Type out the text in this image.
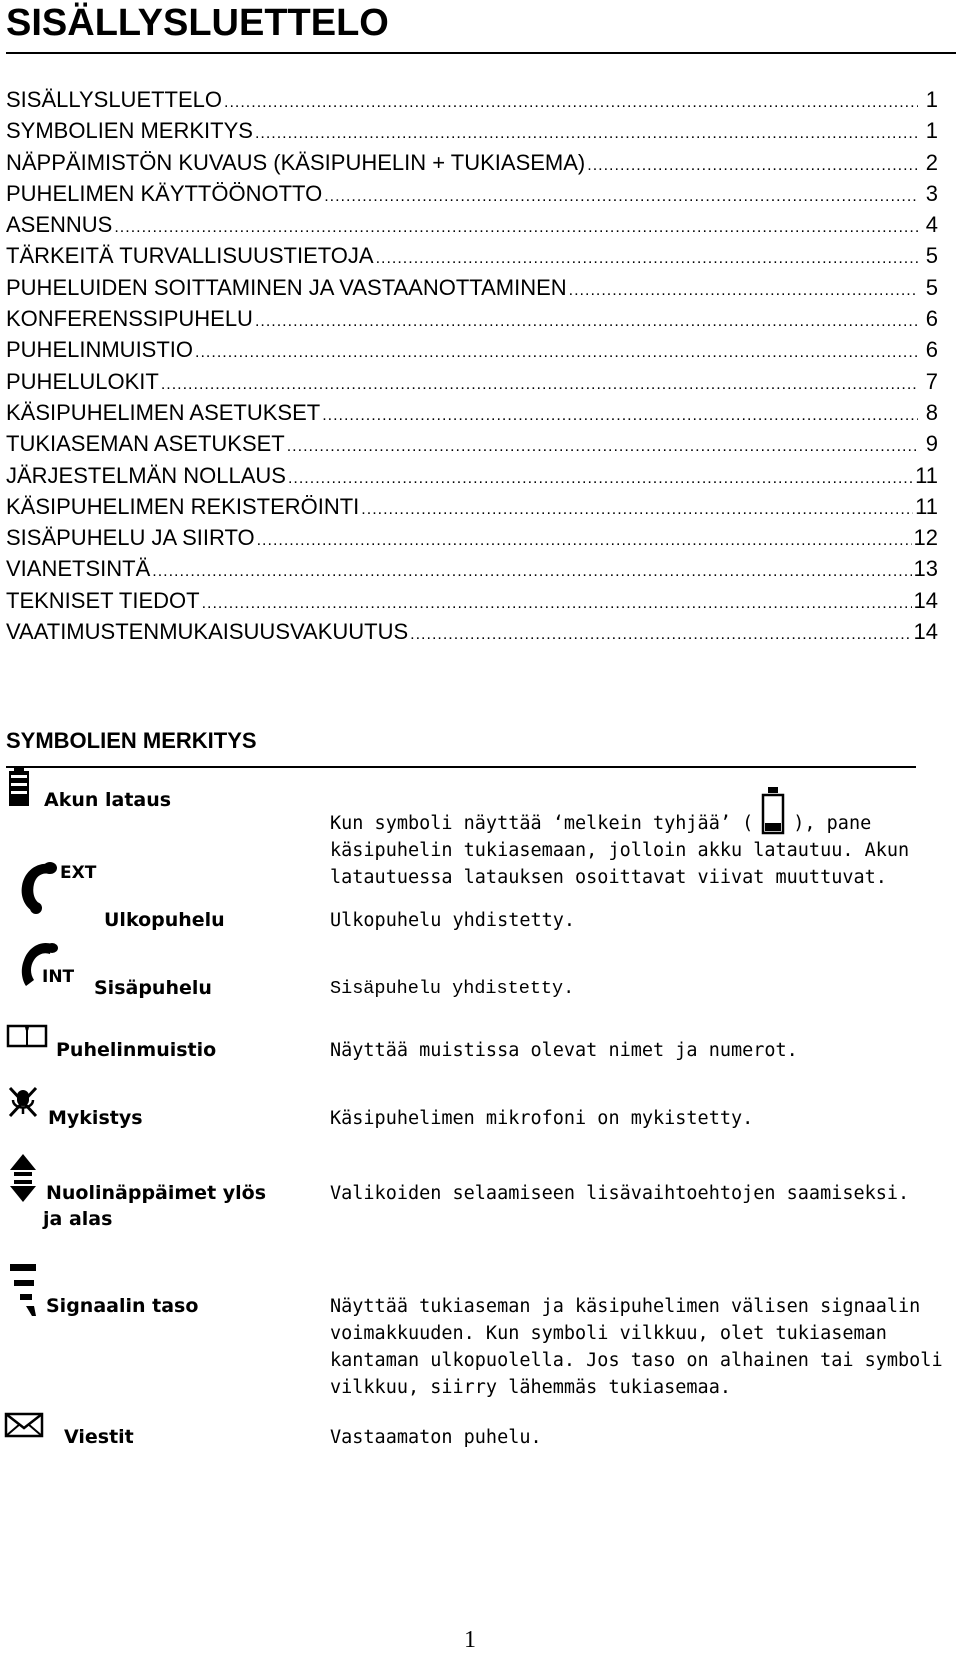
SISÄLLYSLUETTELO
SISÄLLYSLUETTELO .....	1
SYMBOLIEN MERKITYS .....	1
NÄPPÄIMISTÖN KUVAUS (KÄSIPUHELIN + TUKIASEMA) .....	2
PUHELIMEN KÄYTTÖÖNOTTO .....	3
ASENNUS .....	4
TÄRKEITÄ TURVALLISUUSTIETOJA .....	5
PUHELUIDEN SOITTAMINEN JA VASTAANOTTAMINEN .....	5
KONFERENSSIPUHELU .....	6
PUHELINMUISTIO .....	6
PUHELULOKIT .....	7
KÄSIPUHELIMEN ASETUKSET .....	8
TUKIASEMAN ASETUKSET .....	9
JÄRJESTELMÄN NOLLAUS .....	11
KÄSIPUHELIMEN REKISTERÖINTI .....	11
SISÄPUHELU JA SIIRTO .....	12
VIANETSINTÄ .....	13
TEKNISET TIEDOT .....	14
VAATIMUSTENMUKAISUUSVAKUUTUS .....	14
SYMBOLIEN MERKITYS
Akun lataus
Kun symboli näyttää ‘melkein tyhjää’ ( ), pane
käsipuhelin tukiasemaan, jolloin akku latautuu. Akun
latautuessa latauksen osoittavat viivat muuttuvat.
EXT
Ulkopuhelu	Ulkopuhelu yhdistetty.
INT Sisäpuhelu	Sisäpuhelu yhdistetty.
Puhelinmuistio	Näyttää muistissa olevat nimet ja numerot.
Mykistys	Käsipuhelimen mikrofoni on mykistetty.
Nuolinäppäimet ylös
ja alas
Valikoiden selaamiseen lisävaihtoehtojen saamiseksi.
Signaalin taso	Näyttää tukiaseman ja käsipuhelimen välisen signaalin
voimakkuuden. Kun symboli vilkkuu, olet tukiaseman
kantaman ulkopuolella. Jos taso on alhainen tai symboli
vilkkuu, siirry lähemmäs tukiasemaa.
Viestit	Vastaamaton puhelu.
1
